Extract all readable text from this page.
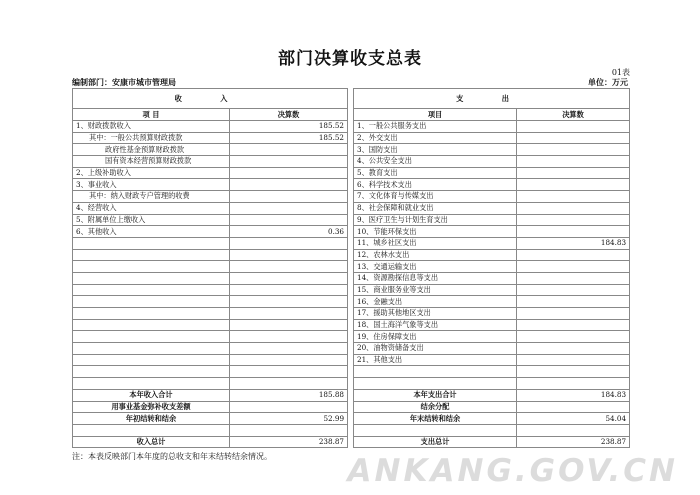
部门决算收支总表
01表
编制部门：安康市城市管理局	单位：万元
收 入			支 出	
项 目	决算数		项目	决算数
1、财政拨款收入	185.52		1、一般公共服务支出	
其中：一般公共预算财政拨款	185.52		2、外交支出	
政府性基金预算财政拨款			3、国防支出	
国有资本经营预算财政拨款			4、公共安全支出	
2、上级补助收入			5、教育支出	
3、事业收入			6、科学技术支出	
其中：纳入财政专户管理的收费			7、文化体育与传媒支出	
4、经营收入			8、社会保障和就业支出	
5、附属单位上缴收入			9、医疗卫生与计划生育支出	
6、其他收入	0.36		10、节能环保支出	
			11、城乡社区支出	184.83
			12、农林水支出	
			13、交通运输支出	
			14、资源勘探信息等支出	
			15、商业服务业等支出	
			16、金融支出	
			17、援助其他地区支出	
			18、国土海洋气象等支出	
			19、住房保障支出	
			20、油物资储备支出	
			21、其他支出	

本年收入合计	185.88		本年支出合计	184.83
用事业基金弥补收支差额			结余分配	
年初结转和结余	52.99		年末结转和结余	54.04

收入总计	238.87		支出总计	238.87
注：本表反映部门本年度的总收支和年末结转结余情况。 ANKANG.GOV.CN
